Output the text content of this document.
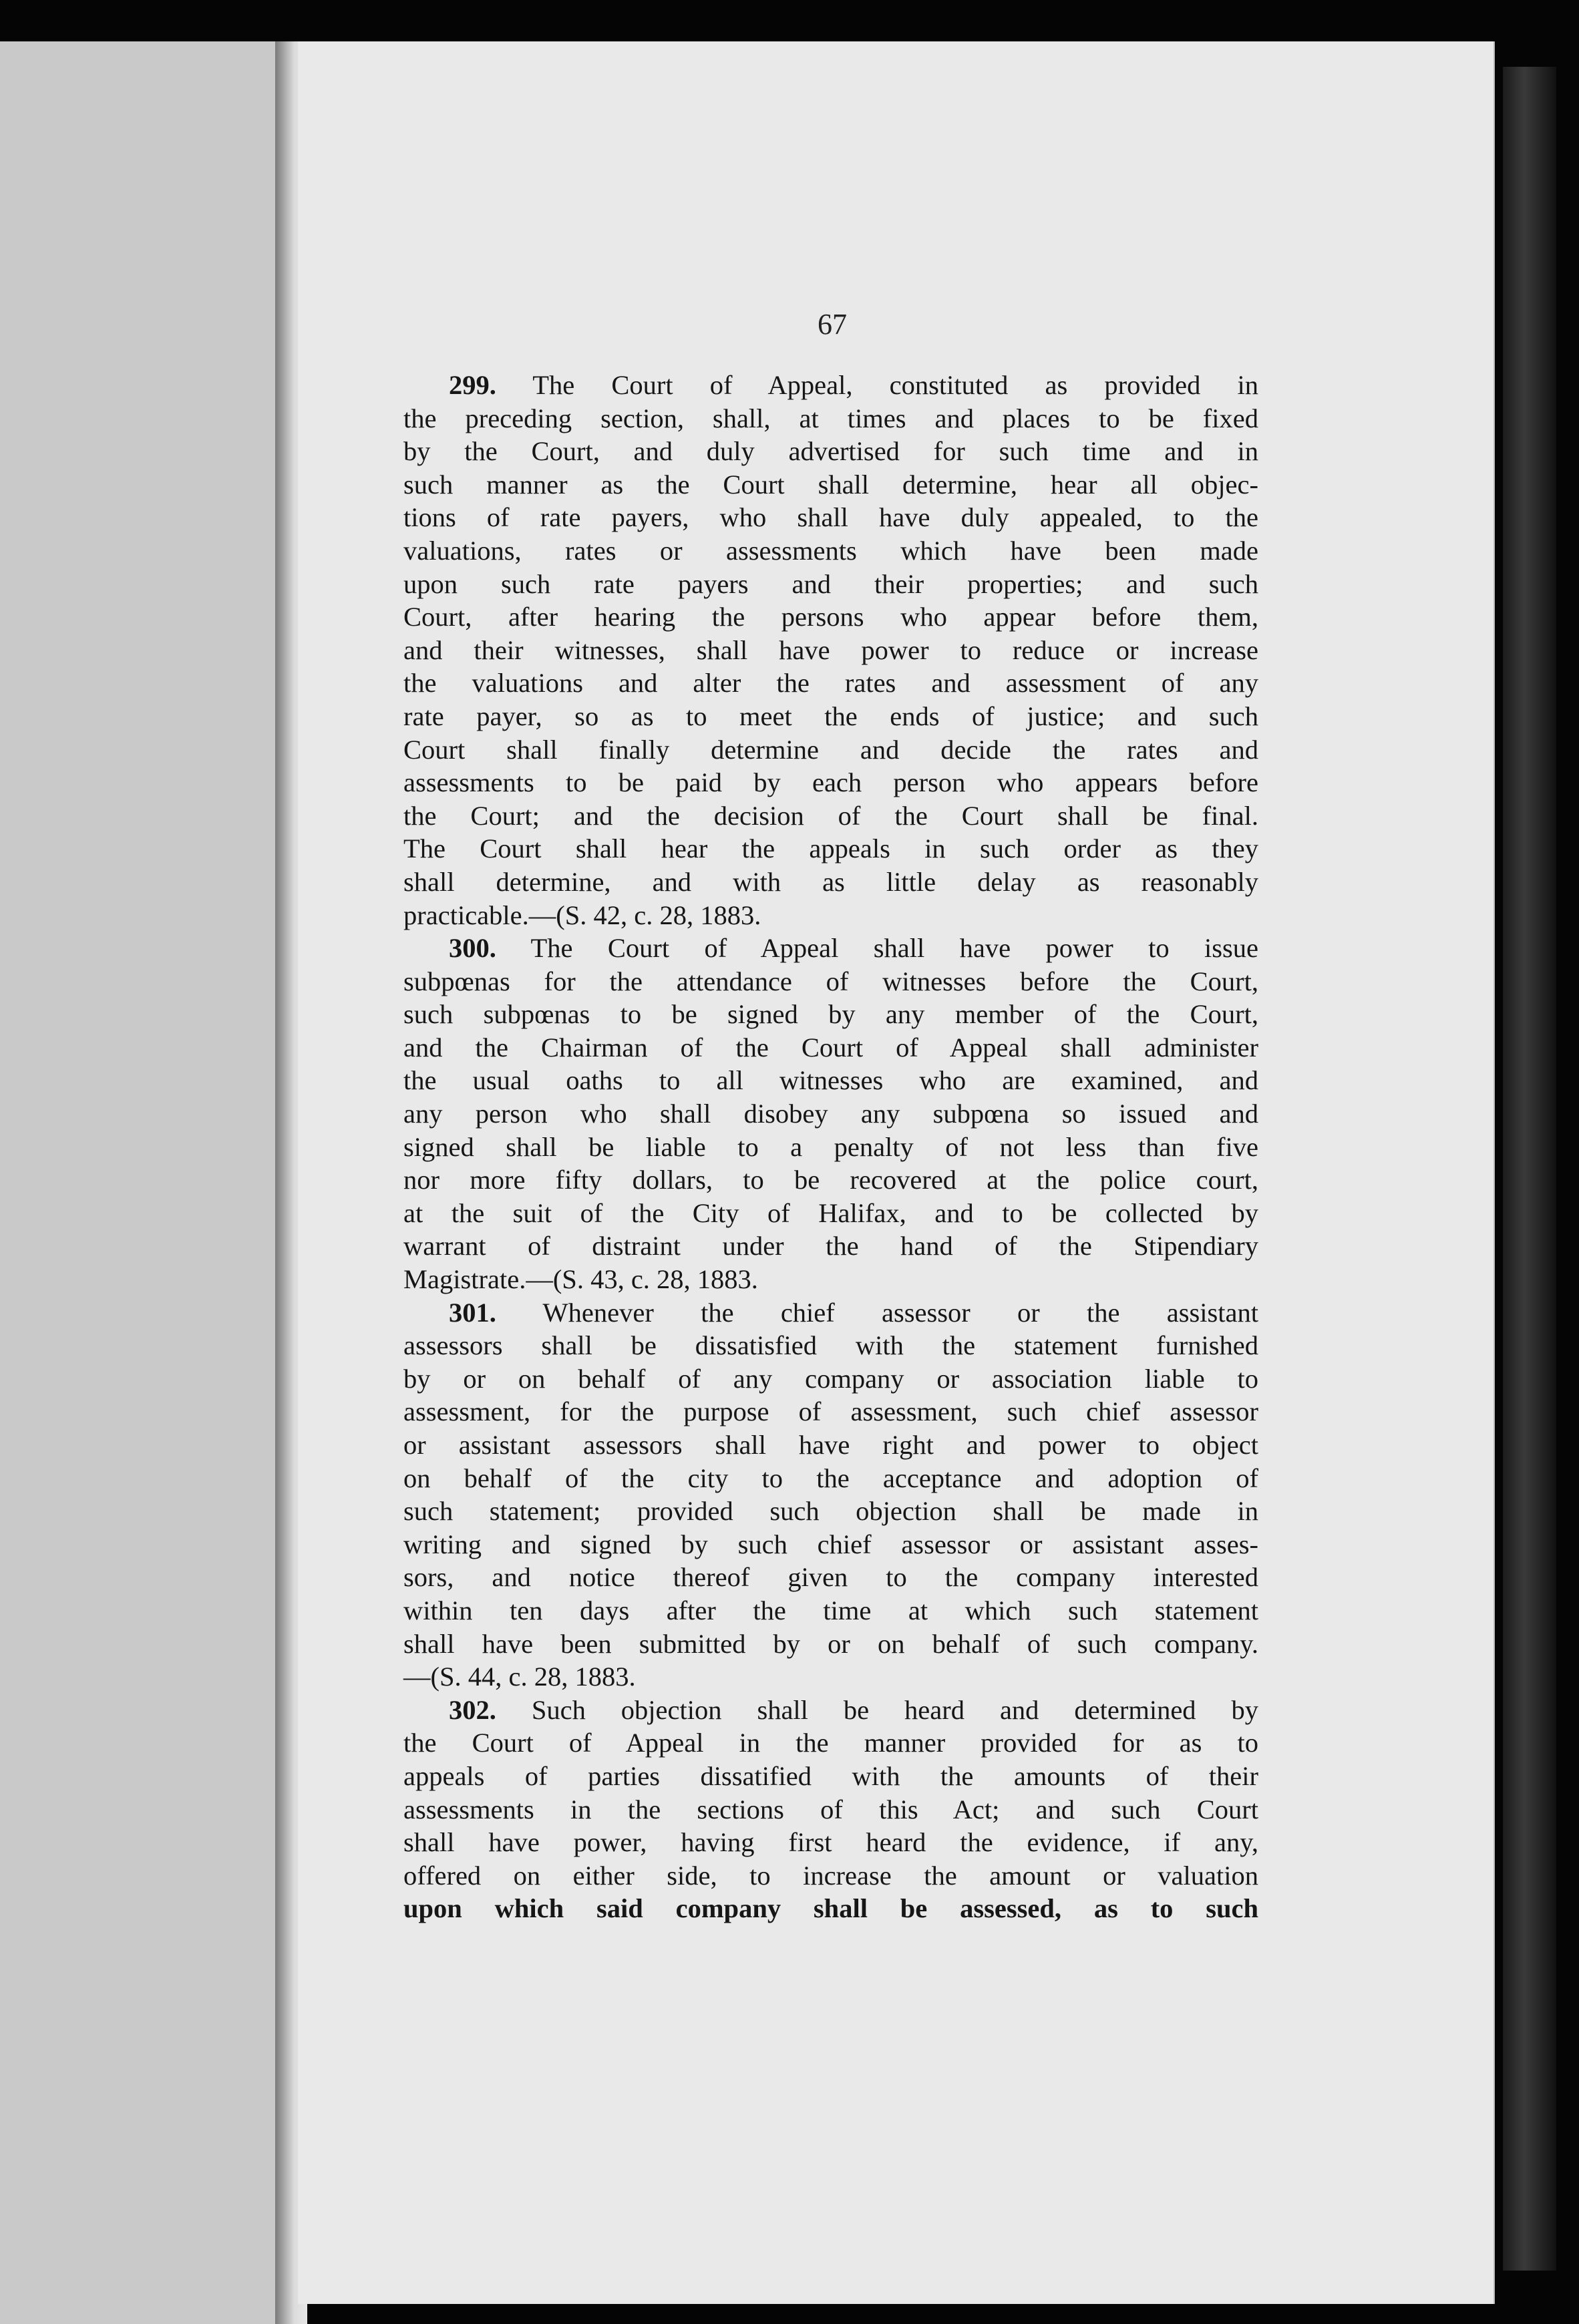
67

299. The Court of Appeal, constituted as provided in

the preceding section, shall, at times and places to be fixed

by the Court, and duly advertised for such time and in

such manner as the Court shall determine, hear all objec-

tions of rate payers, who shall have duly appealed, to the

valuations, rates or assessments which have been made

upon such rate payers and their properties; and such

Court, after hearing the persons who appear before them,

and their witnesses, shall have power to reduce or increase

the valuations and alter the rates and assessment of any

rate payer, so as to meet the ends of justice; and such

Court shall finally determine and decide the rates and

assessments to be paid by each person who appears before

the Court; and the decision of the Court shall be final.

The Court shall hear the appeals in such order as they

shall determine, and with as little delay as reasonably

practicable.—(S. 42, c. 28, 1883.

300. The Court of Appeal shall have power to issue

subpœnas for the attendance of witnesses before the Court,

such subpœnas to be signed by any member of the Court,

and the Chairman of the Court of Appeal shall administer

the usual oaths to all witnesses who are examined, and

any person who shall disobey any subpœna so issued and

signed shall be liable to a penalty of not less than five

nor more fifty dollars, to be recovered at the police court,

at the suit of the City of Halifax, and to be collected by

warrant of distraint under the hand of the Stipendiary

Magistrate.—(S. 43, c. 28, 1883.

301. Whenever the chief assessor or the assistant

assessors shall be dissatisfied with the statement furnished

by or on behalf of any company or association liable to

assessment, for the purpose of assessment, such chief assessor

or assistant assessors shall have right and power to object

on behalf of the city to the acceptance and adoption of

such statement; provided such objection shall be made in

writing and signed by such chief assessor or assistant asses-

sors, and notice thereof given to the company interested

within ten days after the time at which such statement

shall have been submitted by or on behalf of such company.

—(S. 44, c. 28, 1883.

302. Such objection shall be heard and determined by

the Court of Appeal in the manner provided for as to

appeals of parties dissatified with the amounts of their

assessments in the sections of this Act; and such Court

shall have power, having first heard the evidence, if any,

offered on either side, to increase the amount or valuation

upon which said company shall be assessed, as to such
